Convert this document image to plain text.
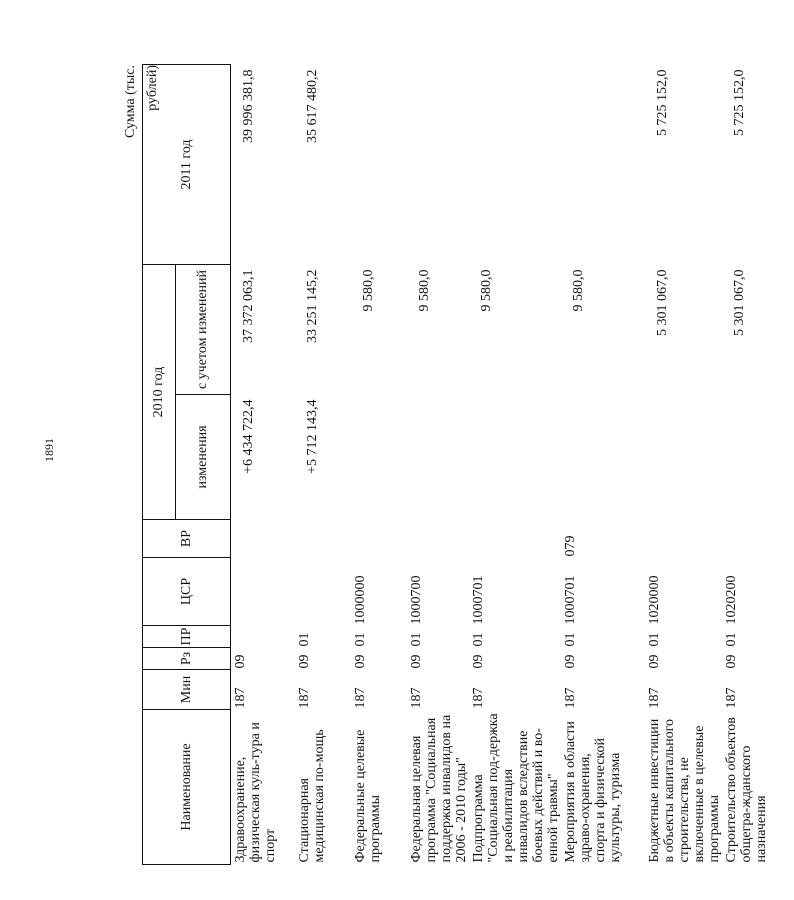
1891
Сумма (тыс. рублей)
Наименование	Мин	Рз	ПР	ЦСР	ВР	2010 год		2011 год
						изменения	с учетом изменений	
Здравоохранение, физическая куль-тура и спорт	187	09				+6 434 722,4	37 372 063,1	39 996 381,8
Стационарная медицинская по-мощь	187	09	01			+5 712 143,4	33 251 145,2	35 617 480,2
Федеральные целевые программы	187	09	01	1000000			9 580,0	
Федеральная целевая программа "Социальная поддержка инвалидов на 2006 - 2010 годы"	187	09	01	1000700			9 580,0	
Подпрограмма "Социальная под-держка и реабилитация инвалидов вследствие боевых действий и во-енной травмы"	187	09	01	1000701			9 580,0	
Мероприятия в области здраво-охранения, спорта и физической культуры, туризма	187	09	01	1000701	079		9 580,0	
Бюджетные инвестиции в объекты капитального строительства, не включенные в целевые программы	187	09	01	1020000			5 301 067,0	5 725 152,0
Строительство объектов общегра-жданского назначения	187	09	01	1020200			5 301 067,0	5 725 152,0
